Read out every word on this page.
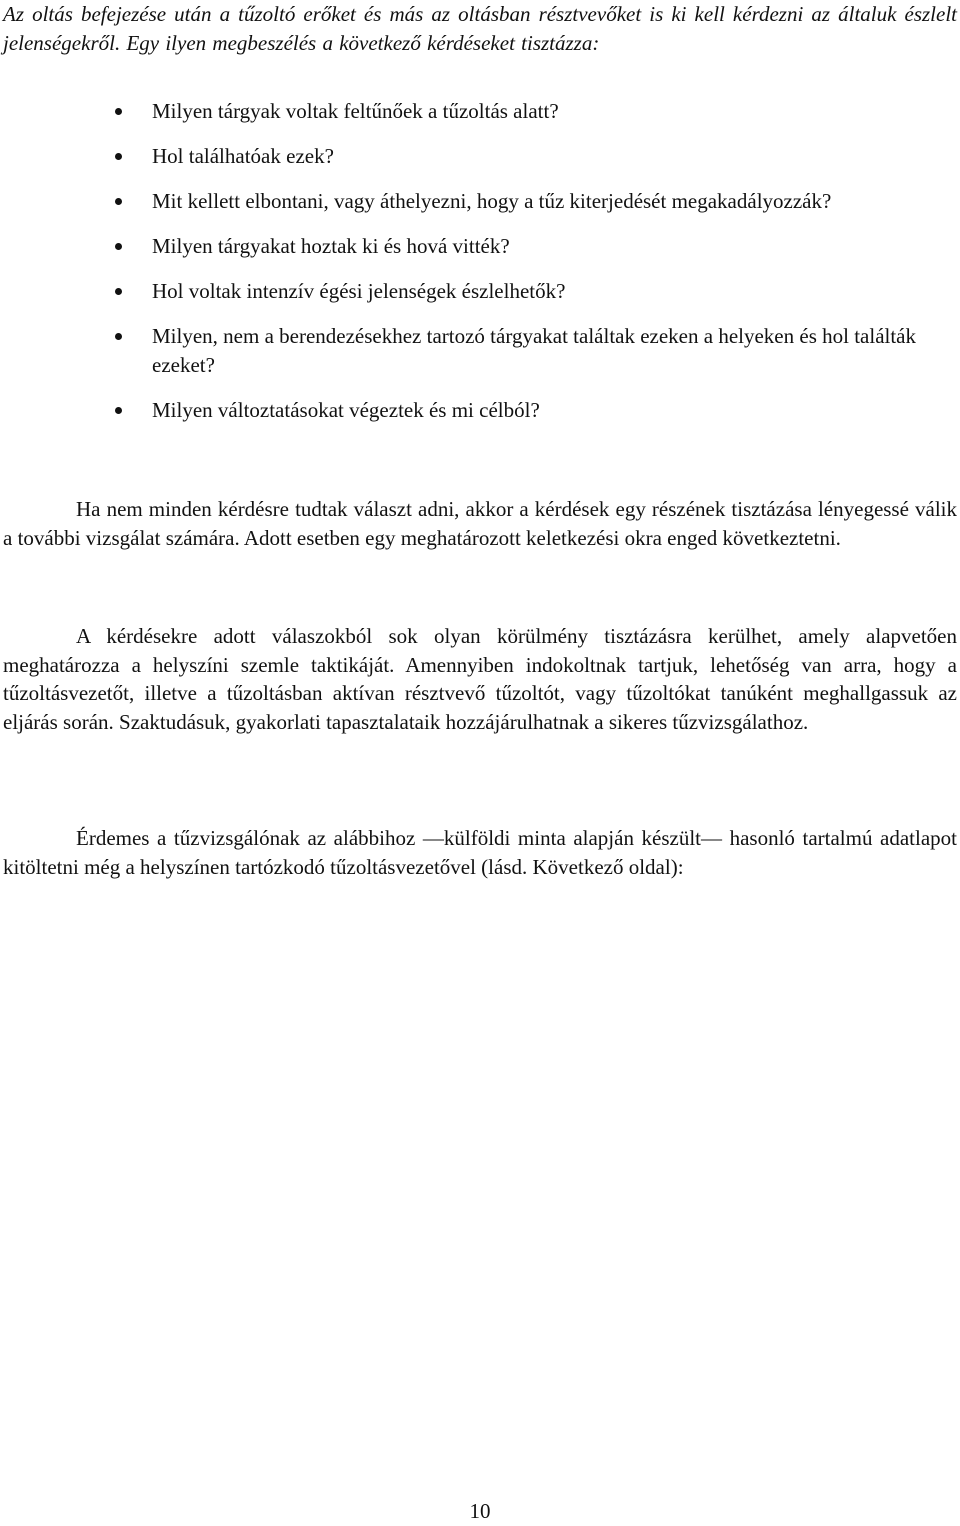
Az oltás befejezése után a tűzoltó erőket és más az oltásban résztvevőket is ki kell kérdezni az általuk észlelt jelenségekről. Egy ilyen megbeszélés a következő kérdéseket tisztázza:

Milyen tárgyak voltak feltűnőek a tűzoltás alatt?
Hol találhatóak ezek?
Mit kellett elbontani, vagy áthelyezni, hogy a tűz kiterjedését megakadályozzák?
Milyen tárgyakat hoztak ki és hová vitték?
Hol voltak intenzív égési jelenségek észlelhetők?
Milyen, nem a berendezésekhez tartozó tárgyakat találtak ezeken a helyeken és hol találták ezeket?
Milyen változtatásokat végeztek és mi célból?

Ha nem minden kérdésre tudtak választ adni, akkor a kérdések egy részének tisztázása lényegessé válik a további vizsgálat számára. Adott esetben egy meghatározott keletkezési okra enged következtetni.

A kérdésekre adott válaszokból sok olyan körülmény tisztázásra kerülhet, amely alapvetően meghatározza a helyszíni szemle taktikáját. Amennyiben indokoltnak tartjuk, lehetőség van arra, hogy a tűzoltásvezetőt, illetve a tűzoltásban aktívan résztvevő tűzoltót, vagy tűzoltókat tanúként meghallgassuk az eljárás során. Szaktudásuk, gyakorlati tapasztalataik hozzájárulhatnak a sikeres tűzvizsgálathoz.

Érdemes a tűzvizsgálónak az alábbihoz —külföldi minta alapján készült— hasonló tartalmú adatlapot kitöltetni még a helyszínen tartózkodó tűzoltásvezetővel (lásd. Következő oldal):

10
